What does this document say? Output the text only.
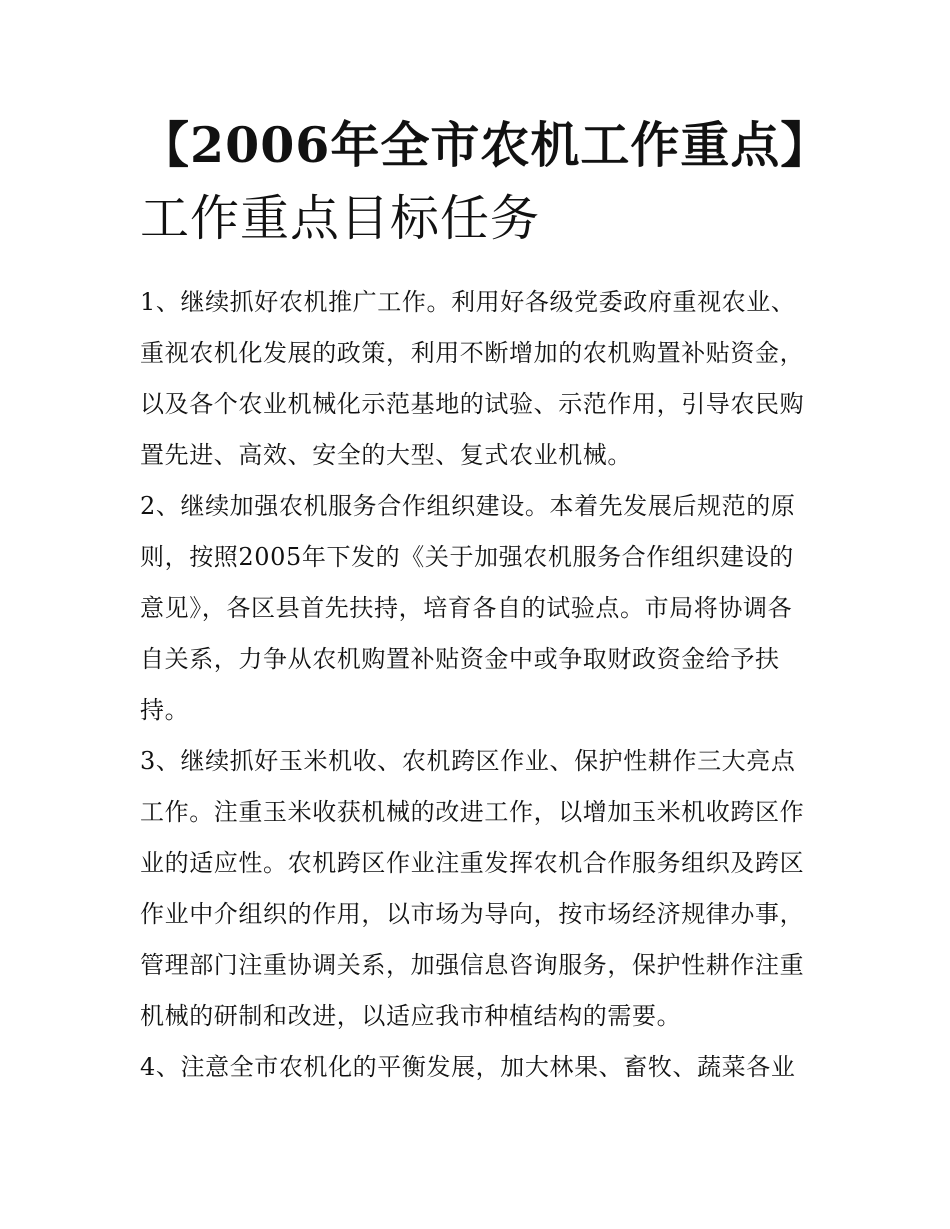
【2006年全市农机工作重点】
工作重点目标任务

1、继续抓好农机推广工作。利用好各级党委政府重视农业、
重视农机化发展的政策，利用不断增加的农机购置补贴资金，
以及各个农业机械化示范基地的试验、示范作用，引导农民购
置先进、高效、安全的大型、复式农业机械。

2、继续加强农机服务合作组织建设。本着先发展后规范的原
则，按照2005年下发的《关于加强农机服务合作组织建设的
意见》，各区县首先扶持，培育各自的试验点。市局将协调各
自关系，力争从农机购置补贴资金中或争取财政资金给予扶
持。

3、继续抓好玉米机收、农机跨区作业、保护性耕作三大亮点
工作。注重玉米收获机械的改进工作，以增加玉米机收跨区作
业的适应性。农机跨区作业注重发挥农机合作服务组织及跨区
作业中介组织的作用，以市场为导向，按市场经济规律办事，
管理部门注重协调关系，加强信息咨询服务，保护性耕作注重
机械的研制和改进，以适应我市种植结构的需要。

4、注意全市农机化的平衡发展，加大林果、畜牧、蔬菜各业
